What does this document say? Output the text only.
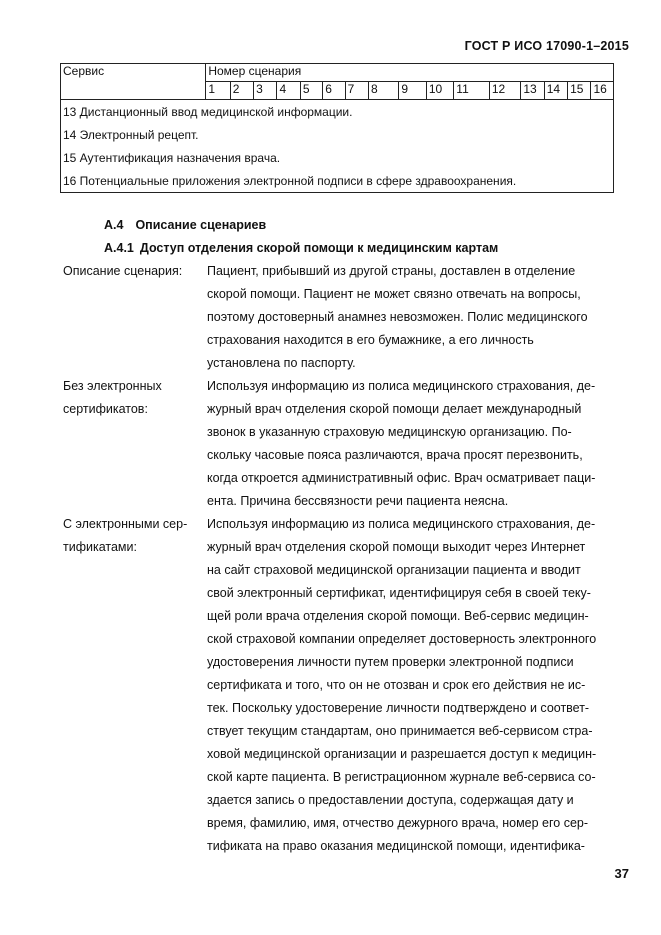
ГОСТ Р ИСО 17090-1–2015
Сервис	Номер сценария															
	1	2	3	4	5	6	7	8	9	10	11	12	13	14	15	16
13 Дистанционный ввод медицинской информации.																
14 Электронный рецепт.																
15 Аутентификация назначения врача.																
16 Потенциальные приложения электронной подписи в сфере здравоохранения.																
А.4 Описание сценариев
А.4.1 Доступ отделения скорой помощи к медицинским картам
Описание сценария:	Пациент, прибывший из другой страны, доставлен в отделение
скорой помощи. Пациент не может связно отвечать на вопросы,
поэтому достоверный анамнез невозможен. Полис медицинского
страхования находится в его бумажнике, а его личность
установлена по паспорту.
Без электронных
сертификатов:
Используя информацию из полиса медицинского страхования, де-
журный врач отделения скорой помощи делает международный
звонок в указанную страховую медицинскую организацию. По-
скольку часовые пояса различаются, врача просят перезвонить,
когда откроется административный офис. Врач осматривает паци-
ента. Причина бессвязности речи пациента неясна.
С электронными сер-
тификатами:
Используя информацию из полиса медицинского страхования, де-
журный врач отделения скорой помощи выходит через Интернет
на сайт страховой медицинской организации пациента и вводит
свой электронный сертификат, идентифицируя себя в своей теку-
щей роли врача отделения скорой помощи. Веб-сервис медицин-
ской страховой компании определяет достоверность электронного
удостоверения личности путем проверки электронной подписи
сертификата и того, что он не отозван и срок его действия не ис-
тек. Поскольку удостоверение личности подтверждено и соответ-
ствует текущим стандартам, оно принимается веб-сервисом стра-
ховой медицинской организации и разрешается доступ к медицин-
ской карте пациента. В регистрационном журнале веб-сервиса со-
здается запись о предоставлении доступа, содержащая дату и
время, фамилию, имя, отчество дежурного врача, номер его сер-
тификата на право оказания медицинской помощи, идентифика-
37
